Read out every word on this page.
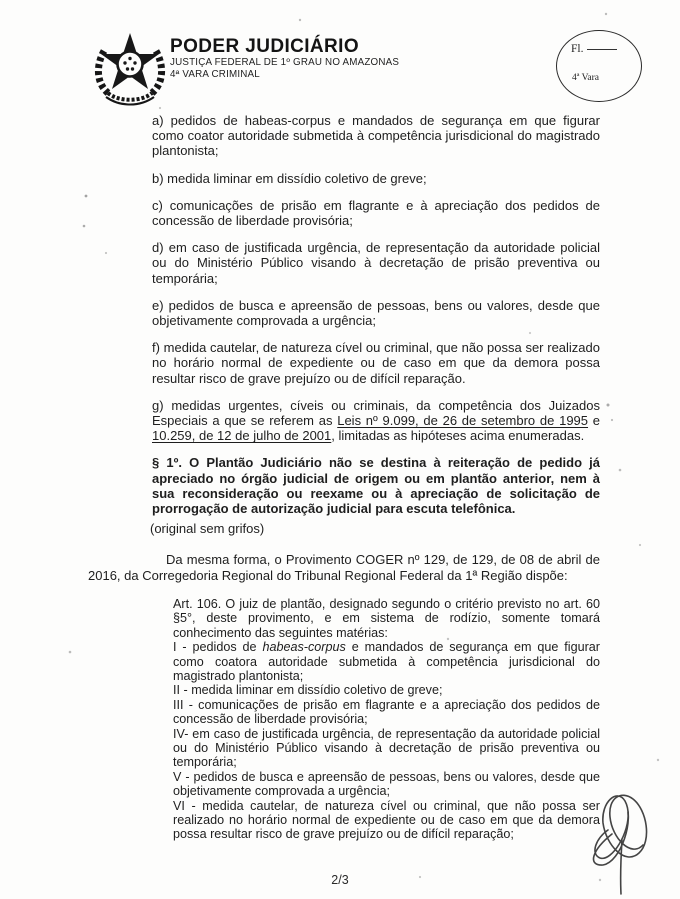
PODER JUDICIÁRIO
JUSTIÇA FEDERAL DE 1º GRAU NO AMAZONAS
4ª VARA CRIMINAL
Fl.
4ª Vara

a) pedidos de habeas-corpus e mandados de segurança em que figurar como coator autoridade submetida à competência jurisdicional do magistrado plantonista;

b) medida liminar em dissídio coletivo de greve;

c) comunicações de prisão em flagrante e à apreciação dos pedidos de concessão de liberdade provisória;

d) em caso de justificada urgência, de representação da autoridade policial ou do Ministério Público visando à decretação de prisão preventiva ou temporária;

e) pedidos de busca e apreensão de pessoas, bens ou valores, desde que objetivamente comprovada a urgência;

f) medida cautelar, de natureza cível ou criminal, que não possa ser realizado no horário normal de expediente ou de caso em que da demora possa resultar risco de grave prejuízo ou de difícil reparação.

g) medidas urgentes, cíveis ou criminais, da competência dos Juizados Especiais a que se referem as Leis nº 9.099, de 26 de setembro de 1995 e 10.259, de 12 de julho de 2001, limitadas as hipóteses acima enumeradas.

§ 1º. O Plantão Judiciário não se destina à reiteração de pedido já apreciado no órgão judicial de origem ou em plantão anterior, nem à sua reconsideração ou reexame ou à apreciação de solicitação de prorrogação de autorização judicial para escuta telefônica.

(original sem grifos)

Da mesma forma, o Provimento COGER nº 129, de 129, de 08 de abril de 2016, da Corregedoria Regional do Tribunal Regional Federal da 1ª Região dispõe:

Art. 106. O juiz de plantão, designado segundo o critério previsto no art. 60 §5°, deste provimento, e em sistema de rodízio, somente tomará conhecimento das seguintes matérias:

I - pedidos de habeas-corpus e mandados de segurança em que figurar como coatora autoridade submetida à competência jurisdicional do magistrado plantonista;

II - medida liminar em dissídio coletivo de greve;

III - comunicações de prisão em flagrante e a apreciação dos pedidos de concessão de liberdade provisória;

IV- em caso de justificada urgência, de representação da autoridade policial ou do Ministério Público visando à decretação de prisão preventiva ou temporária;

V - pedidos de busca e apreensão de pessoas, bens ou valores, desde que objetivamente comprovada a urgência;

VI - medida cautelar, de natureza cível ou criminal, que não possa ser realizado no horário normal de expediente ou de caso em que da demora possa resultar risco de grave prejuízo ou de difícil reparação;

2/3
